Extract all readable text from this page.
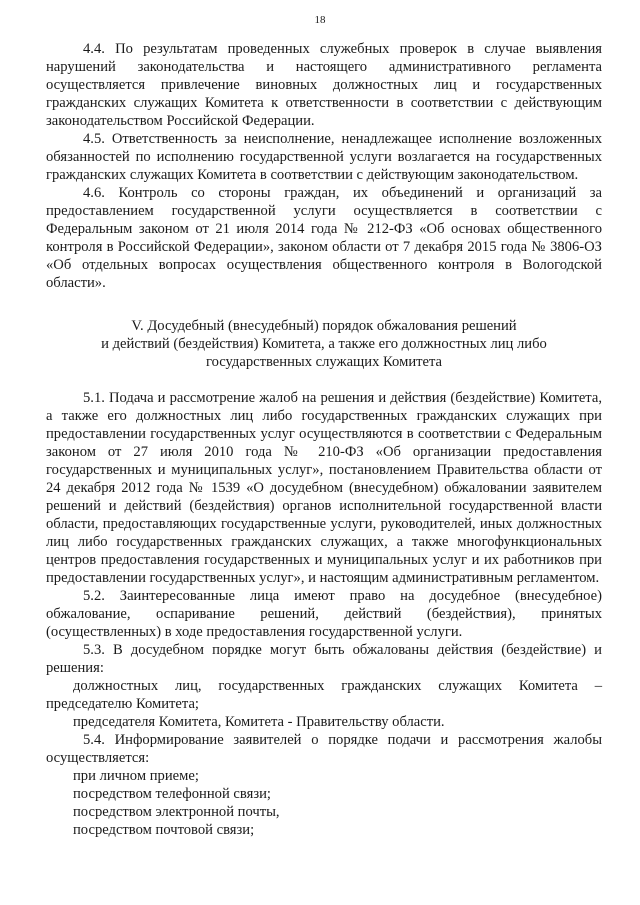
18

4.4. По результатам проведенных служебных проверок в случае выявления нарушений законодательства и настоящего административного регламента осуществляется привлечение виновных должностных лиц и государственных гражданских служащих Комитета к ответственности в соответствии с действующим законодательством Российской Федерации.

4.5. Ответственность за неисполнение, ненадлежащее исполнение возложенных обязанностей по исполнению государственной услуги возлагается на государственных гражданских служащих Комитета в соответствии с действующим законодательством.

4.6. Контроль со стороны граждан, их объединений и организаций за предоставлением государственной услуги осуществляется в соответствии с Федеральным законом от 21 июля 2014 года № 212-ФЗ «Об основах общественного контроля в Российской Федерации», законом области от 7 декабря 2015 года № 3806-ОЗ «Об отдельных вопросах осуществления общественного контроля в Вологодской области».

V. Досудебный (внесудебный) порядок обжалования решений
и действий (бездействия) Комитета, а также его должностных лиц либо
государственных служащих Комитета

5.1. Подача и рассмотрение жалоб на решения и действия (бездействие) Комитета, а также его должностных лиц либо государственных гражданских служащих при предоставлении государственных услуг осуществляются в соответствии с Федеральным законом от 27 июля 2010 года № 210-ФЗ «Об организации предоставления государственных и муниципальных услуг», постановлением Правительства области от 24 декабря 2012 года № 1539 «О досудебном (внесудебном) обжаловании заявителем решений и действий (бездействия) органов исполнительной государственной власти области, предоставляющих государственные услуги, руководителей, иных должностных лиц либо государственных гражданских служащих, а также многофункциональных центров предоставления государственных и муниципальных услуг и их работников при предоставлении государственных услуг», и настоящим административным регламентом.

5.2. Заинтересованные лица имеют право на досудебное (внесудебное) обжалование, оспаривание решений, действий (бездействия), принятых (осуществленных) в ходе предоставления государственной услуги.

5.3. В досудебном порядке могут быть обжалованы действия (бездействие) и решения:

должностных лиц, государственных гражданских служащих Комитета – председателю Комитета;

председателя Комитета, Комитета - Правительству области.

5.4. Информирование заявителей о порядке подачи и рассмотрения жалобы осуществляется:

при личном приеме;

посредством телефонной связи;

посредством электронной почты,

посредством почтовой связи;
